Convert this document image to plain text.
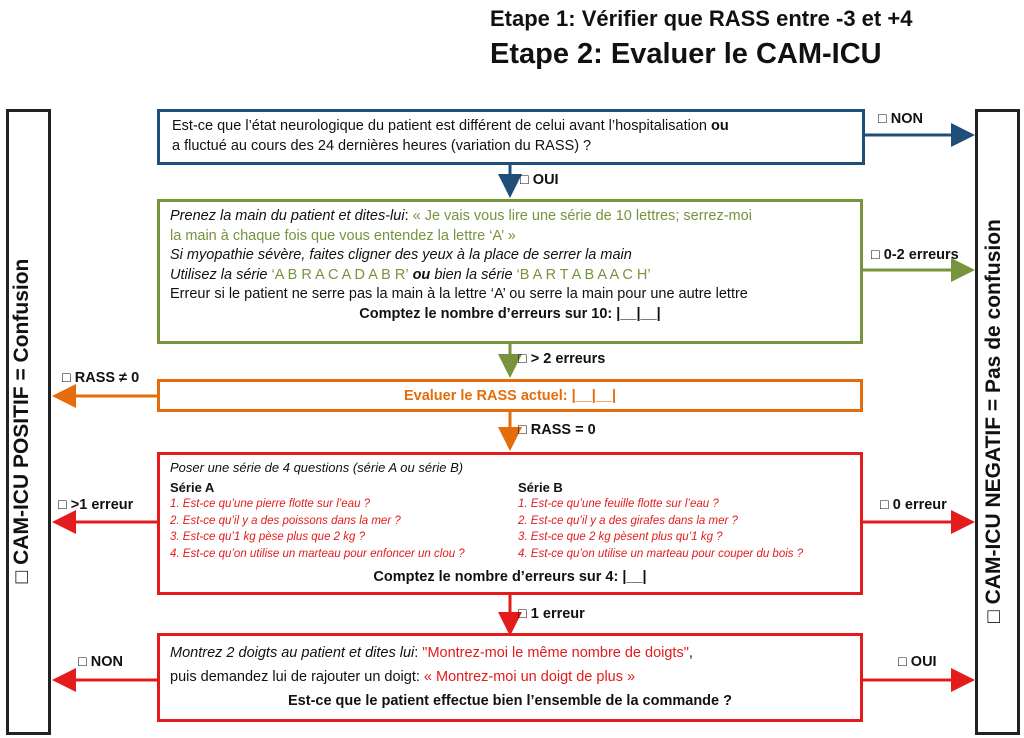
Etape 1: Vérifier que RASS entre -3 et +4
Etape 2: Evaluer le CAM-ICU
□ CAM-ICU POSITIF = Confusion	□ CAM-ICU NEGATIF = Pas de confusion
Est-ce que l’état neurologique du patient est différent de celui avant l’hospitalisation ou
a fluctué au cours des 24 dernières heures (variation du RASS) ?
Prenez la main du patient et dites-lui: « Je vais vous lire une série de 10 lettres; serrez-moi
la main à chaque fois que vous entendez la lettre ‘A’ »
Si myopathie sévère, faites cligner des yeux à la place de serrer la main
Utilisez la série ‘A B R A C A D A B R’ ou bien la série ‘B A R T A B A A C H’
Erreur si le patient ne serre pas la main à la lettre ‘A’ ou serre la main pour une autre lettre
Comptez le nombre d’erreurs sur 10: |__|__|
Evaluer le RASS actuel: |__|__|
Poser une série de 4 questions (série A ou série B)
Série A
1. Est-ce qu’une pierre flotte sur l’eau ?
2. Est-ce qu’il y a des poissons dans la mer ?
3. Est-ce qu’1 kg pèse plus que 2 kg ?
4. Est-ce qu’on utilise un marteau pour enfoncer un clou ?
Série B
1. Est-ce qu’une feuille flotte sur l’eau ?
2. Est-ce qu’il y a des girafes dans la mer ?
3. Est-ce que 2 kg pèsent plus qu’1 kg ?
4. Est-ce qu’on utilise un marteau pour couper du bois ?
Comptez le nombre d’erreurs sur 4: |__|
Montrez 2 doigts au patient et dites lui: "Montrez-moi le même nombre de doigts",
puis demandez lui de rajouter un doigt: « Montrez-moi un doigt de plus »
Est-ce que le patient effectue bien l’ensemble de la commande ?
□ NON
□ OUI
□ 0-2 erreurs
□ > 2 erreurs
□ RASS ≠ 0
□ RASS = 0
□ >1 erreur	□ 0 erreur
□ 1 erreur
□ NON	□ OUI
